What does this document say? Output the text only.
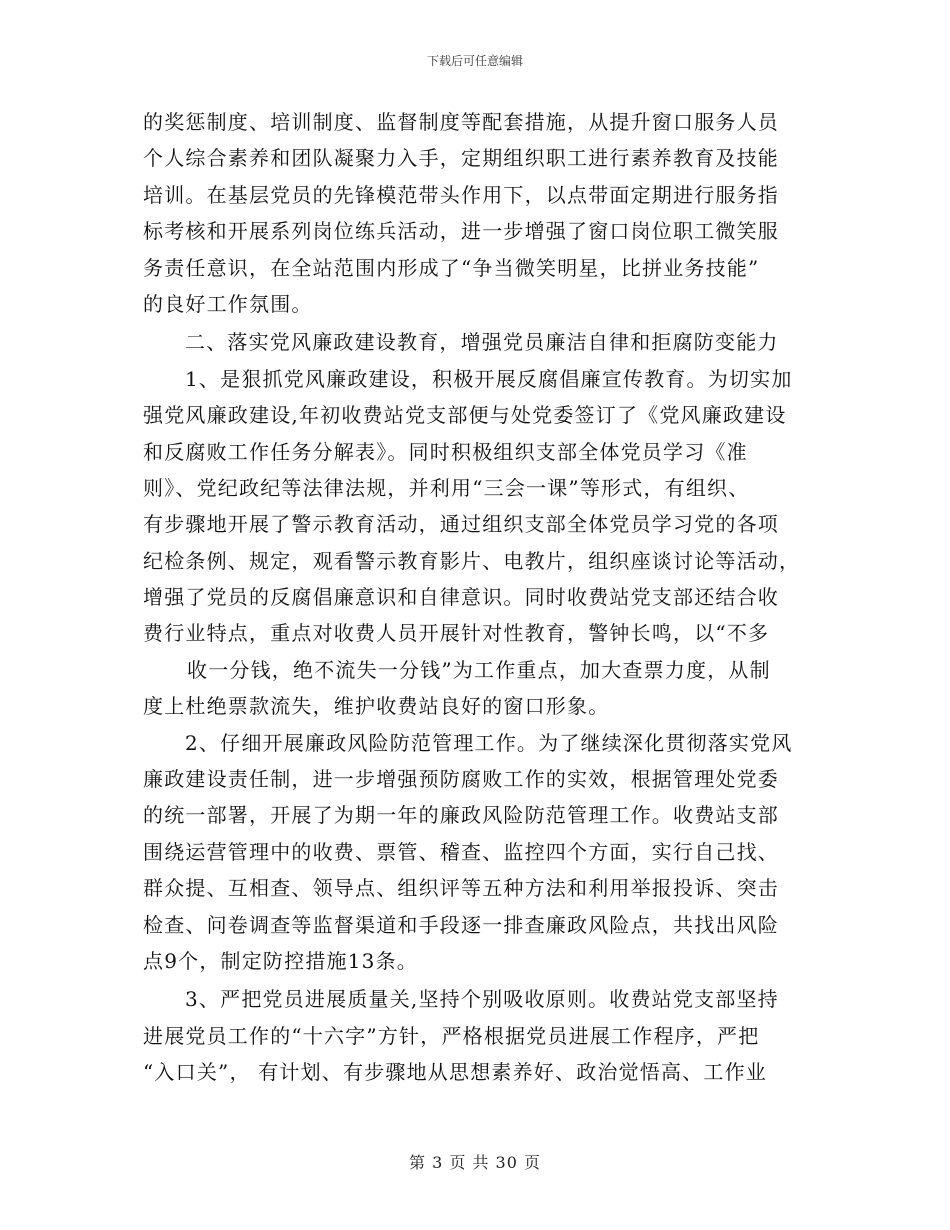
下载后可任意编辑
的奖惩制度、培训制度、监督制度等配套措施，从提升窗口服务人员
个人综合素养和团队凝聚力入手，定期组织职工进行素养教育及技能
培训。在基层党员的先锋模范带头作用下，以点带面定期进行服务指
标考核和开展系列岗位练兵活动，进一步增强了窗口岗位职工微笑服
务责任意识，在全站范围内形成了“争当微笑明星，比拼业务技能”
的良好工作氛围。
二、落实党风廉政建设教育，增强党员廉洁自律和拒腐防变能力
1、是狠抓党风廉政建设，积极开展反腐倡廉宣传教育。为切实加
强党风廉政建设,年初收费站党支部便与处党委签订了《党风廉政建设
和反腐败工作任务分解表》。同时积极组织支部全体党员学习《准
则》、党纪政纪等法律法规，并利用“三会一课”等形式，有组织、
有步骤地开展了警示教育活动，通过组织支部全体党员学习党的各项
纪检条例、规定，观看警示教育影片、电教片，组织座谈讨论等活动，
增强了党员的反腐倡廉意识和自律意识。同时收费站党支部还结合收
费行业特点，重点对收费人员开展针对性教育，警钟长鸣，以“不多
收一分钱，绝不流失一分钱”为工作重点，加大查票力度，从制
度上杜绝票款流失，维护收费站良好的窗口形象。
2、仔细开展廉政风险防范管理工作。为了继续深化贯彻落实党风
廉政建设责任制，进一步增强预防腐败工作的实效，根据管理处党委
的统一部署，开展了为期一年的廉政风险防范管理工作。收费站支部
围绕运营管理中的收费、票管、稽查、监控四个方面，实行自己找、
群众提、互相查、领导点、组织评等五种方法和利用举报投诉、突击
检查、问卷调查等监督渠道和手段逐一排查廉政风险点，共找出风险
点9个，制定防控措施13条。
3、严把党员进展质量关,坚持个别吸收原则。收费站党支部坚持
进展党员工作的“十六字”方针，严格根据党员进展工作程序，严把
“入口关”， 有计划、有步骤地从思想素养好、政治觉悟高、工作业
第 3 页 共 30 页
